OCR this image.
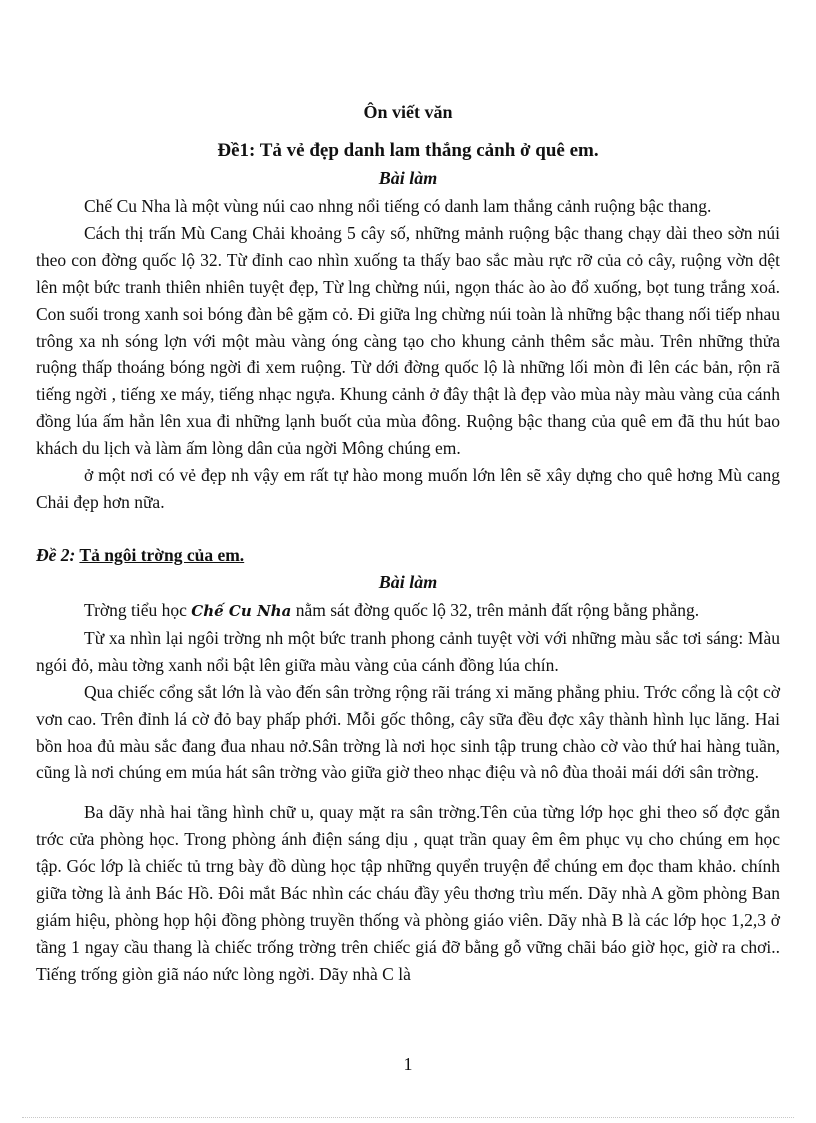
Ôn viết văn
Đề1: Tả vẻ đẹp danh lam thắng cảnh ở quê em.
Bài làm

Chế Cu Nha là một vùng núi cao nhng nổi tiếng có danh lam thắng cảnh ruộng bậc thang.

Cách thị trấn Mù Cang Chải khoảng 5 cây số, những mảnh ruộng bậc thang chạy dài theo sờn núi theo con đờng quốc lộ 32. Từ đỉnh cao nhìn xuống ta thấy bao sắc màu rực rỡ của cỏ cây, ruộng vờn dệt lên một bức tranh thiên nhiên tuyệt đẹp, Từ lng chừng núi, ngọn thác ào ào đổ xuống, bọt tung trắng xoá. Con suối trong xanh soi bóng đàn bê gặm cỏ. Đi giữa lng chừng núi toàn là những bậc thang nối tiếp nhau trông xa nh sóng lợn với một màu vàng óng càng tạo cho khung cảnh thêm sắc màu. Trên những thửa ruộng thấp thoáng bóng ngời đi xem ruộng. Từ dới đờng quốc lộ là những lối mòn đi lên các bản, rộn rã tiếng ngời , tiếng xe máy, tiếng nhạc ngựa. Khung cảnh ở đây thật là đẹp vào mùa này màu vàng của cánh đồng lúa ấm hẳn lên xua đi những lạnh buốt của mùa đông. Ruộng bậc thang của quê em đã thu hút bao khách du lịch và làm ấm lòng dân của ngời Mông chúng em.

ở một nơi có vẻ đẹp nh vậy em rất tự hào mong muốn lớn lên sẽ xây dựng cho quê hơng Mù cang Chải đẹp hơn nữa.

Đề 2: Tả ngôi trờng của em.
Bài làm

Trờng tiểu học Chế Cu Nha nằm sát đờng quốc lộ 32, trên mảnh đất rộng bằng phẳng.

Từ xa nhìn lại ngôi trờng nh một bức tranh phong cảnh tuyệt vời với những màu sắc tơi sáng: Màu ngói đỏ, màu tờng xanh nổi bật lên giữa màu vàng của cánh đồng lúa chín.

Qua chiếc cổng sắt lớn là vào đến sân trờng rộng rãi tráng xi măng phẳng phiu. Trớc cổng là cột cờ vơn cao. Trên đỉnh lá cờ đỏ bay phấp phới. Mỗi gốc thông, cây sữa đều đợc xây thành hình lục lăng. Hai bồn hoa đủ màu sắc đang đua nhau nở.Sân trờng là nơi học sinh tập trung chào cờ vào thứ hai hàng tuần, cũng là nơi chúng em múa hát sân trờng vào giữa giờ theo nhạc điệu và nô đùa thoải mái dới sân trờng.

Ba dãy nhà hai tầng hình chữ u, quay mặt ra sân trờng.Tên của từng lớp học ghi theo số đợc gắn trớc cửa phòng học. Trong phòng ánh điện sáng dịu , quạt trần quay êm êm phục vụ cho chúng em học tập. Góc lớp là chiếc tủ trng bày đồ dùng học tập những quyển truyện để chúng em đọc tham khảo. chính giữa tờng là ảnh Bác Hồ. Đôi mắt Bác nhìn các cháu đầy yêu thơng trìu mến. Dãy nhà A gồm phòng Ban giám hiệu, phòng họp hội đồng phòng truyền thống và phòng giáo viên. Dãy nhà B là các lớp học 1,2,3 ở tầng 1 ngay cầu thang là chiếc trống trờng trên chiếc giá đỡ bằng gỗ vững chãi báo giờ học, giờ ra chơi.. Tiếng trống giòn giã náo nức lòng ngời. Dãy nhà C là

1
